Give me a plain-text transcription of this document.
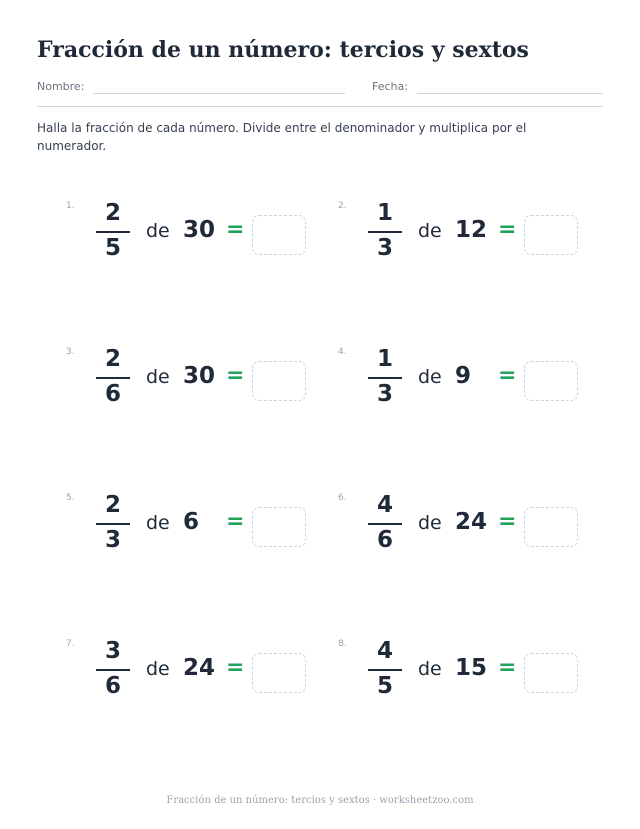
Fracción de un número: tercios y sextos
Nombre:	Fecha:
Halla la fracción de cada número. Divide entre el denominador y multiplica por el numerador.
1.	2
5
de 30 =
2.	1
3
de 12 =
3.	2
6
de 30 =
4.	1
3
de 9 =
5.	2
3
de 6 =
6.	4
6
de 24 =
7.	3
6
de 24 =
8.	4
5
de 15 =
Fracción de un número: tercios y sextos · worksheetzoo.com
